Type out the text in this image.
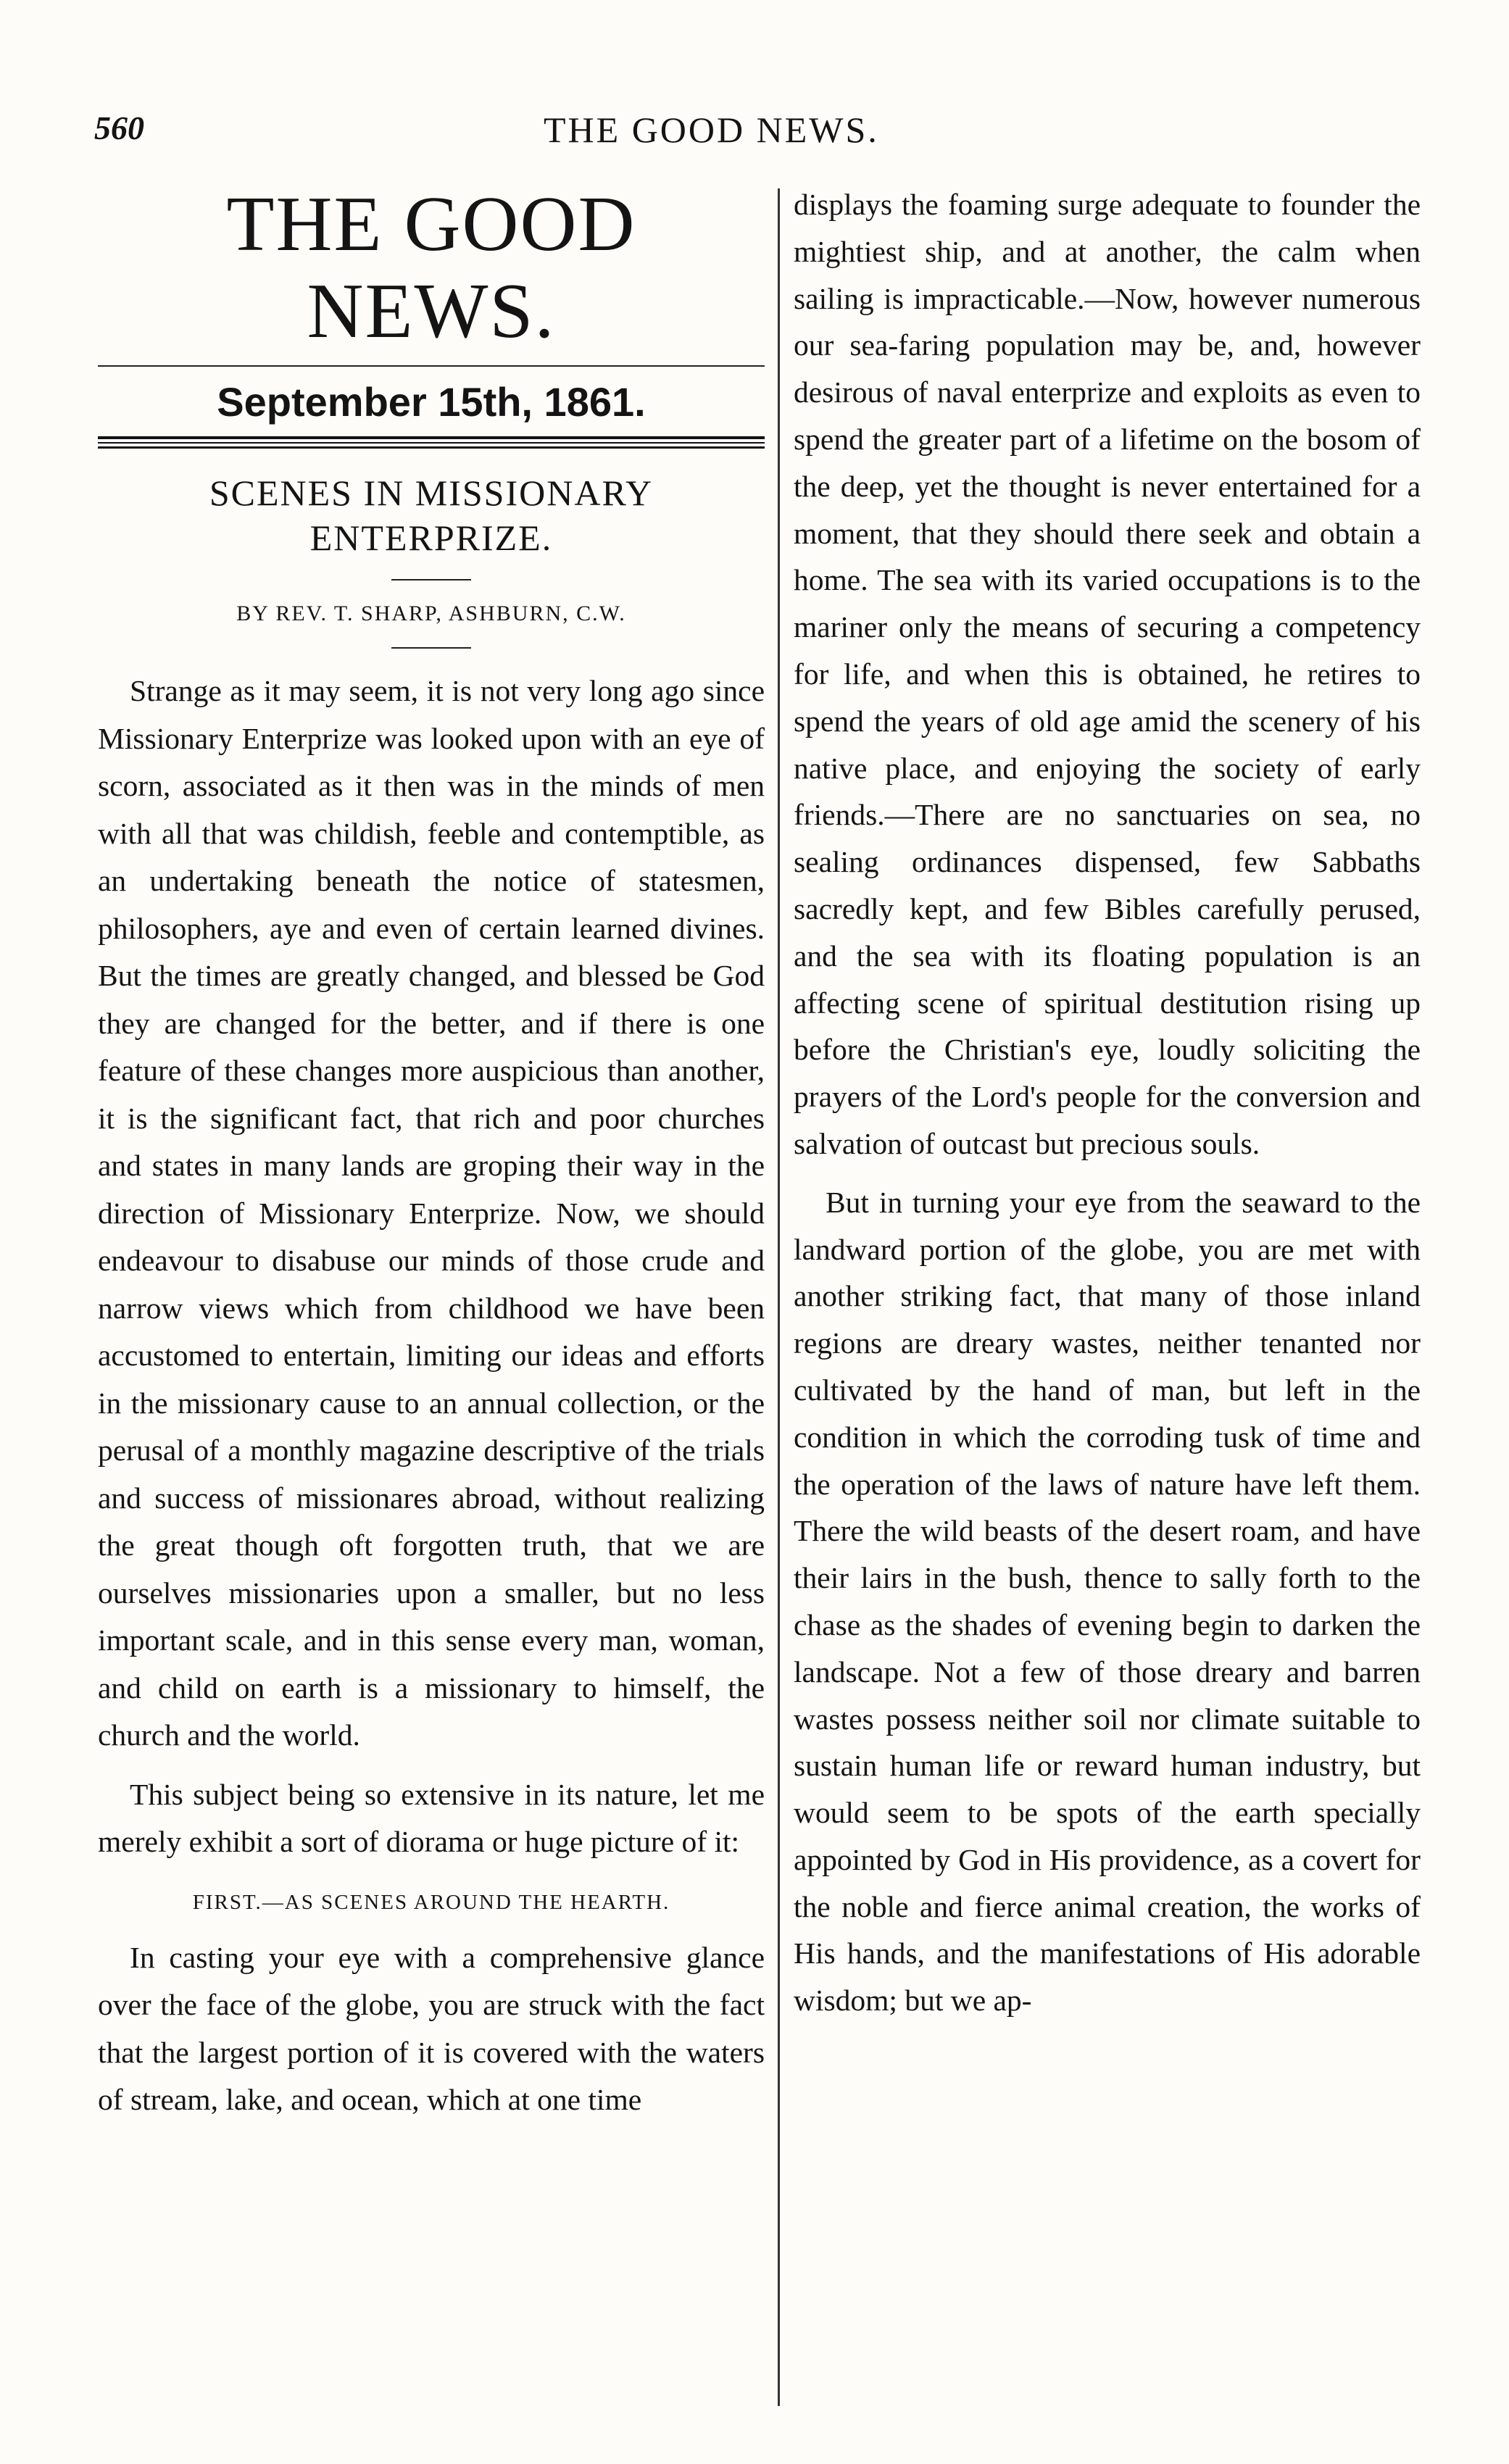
560	THE GOOD NEWS.
THE GOOD NEWS.

September 15th, 1861.

SCENES IN MISSIONARY ENTERPRIZE.

BY REV. T. SHARP, ASHBURN, C.W.

Strange as it may seem, it is not very long ago since Missionary Enterprize was looked upon with an eye of scorn, associated as it then was in the minds of men with all that was childish, feeble and contemptible, as an undertaking beneath the notice of statesmen, philosophers, aye and even of certain learned divines. But the times are greatly changed, and blessed be God they are changed for the better, and if there is one feature of these changes more auspicious than another, it is the significant fact, that rich and poor churches and states in many lands are groping their way in the direction of Missionary Enterprize. Now, we should endeavour to disabuse our minds of those crude and narrow views which from childhood we have been accustomed to entertain, limiting our ideas and efforts in the missionary cause to an annual collection, or the perusal of a monthly magazine descriptive of the trials and success of missionares abroad, without realizing the great though oft forgotten truth, that we are ourselves missionaries upon a smaller, but no less important scale, and in this sense every man, woman, and child on earth is a missionary to himself, the church and the world.

This subject being so extensive in its nature, let me merely exhibit a sort of diorama or huge picture of it:

FIRST.—AS SCENES AROUND THE HEARTH.

In casting your eye with a comprehensive glance over the face of the globe, you are struck with the fact that the largest portion of it is covered with the waters of stream, lake, and ocean, which at one time

displays the foaming surge adequate to founder the mightiest ship, and at another, the calm when sailing is impracticable.—Now, however numerous our sea-faring population may be, and, however desirous of naval enterprize and exploits as even to spend the greater part of a lifetime on the bosom of the deep, yet the thought is never entertained for a moment, that they should there seek and obtain a home. The sea with its varied occupations is to the mariner only the means of securing a competency for life, and when this is obtained, he retires to spend the years of old age amid the scenery of his native place, and enjoying the society of early friends.—There are no sanctuaries on sea, no sealing ordinances dispensed, few Sabbaths sacredly kept, and few Bibles carefully perused, and the sea with its floating population is an affecting scene of spiritual destitution rising up before the Christian's eye, loudly soliciting the prayers of the Lord's people for the conversion and salvation of outcast but precious souls.

But in turning your eye from the seaward to the landward portion of the globe, you are met with another striking fact, that many of those inland regions are dreary wastes, neither tenanted nor cultivated by the hand of man, but left in the condition in which the corroding tusk of time and the operation of the laws of nature have left them. There the wild beasts of the desert roam, and have their lairs in the bush, thence to sally forth to the chase as the shades of evening begin to darken the landscape. Not a few of those dreary and barren wastes possess neither soil nor climate suitable to sustain human life or reward human industry, but would seem to be spots of the earth specially appointed by God in His providence, as a covert for the noble and fierce animal creation, the works of His hands, and the manifestations of His adorable wisdom; but we ap-
